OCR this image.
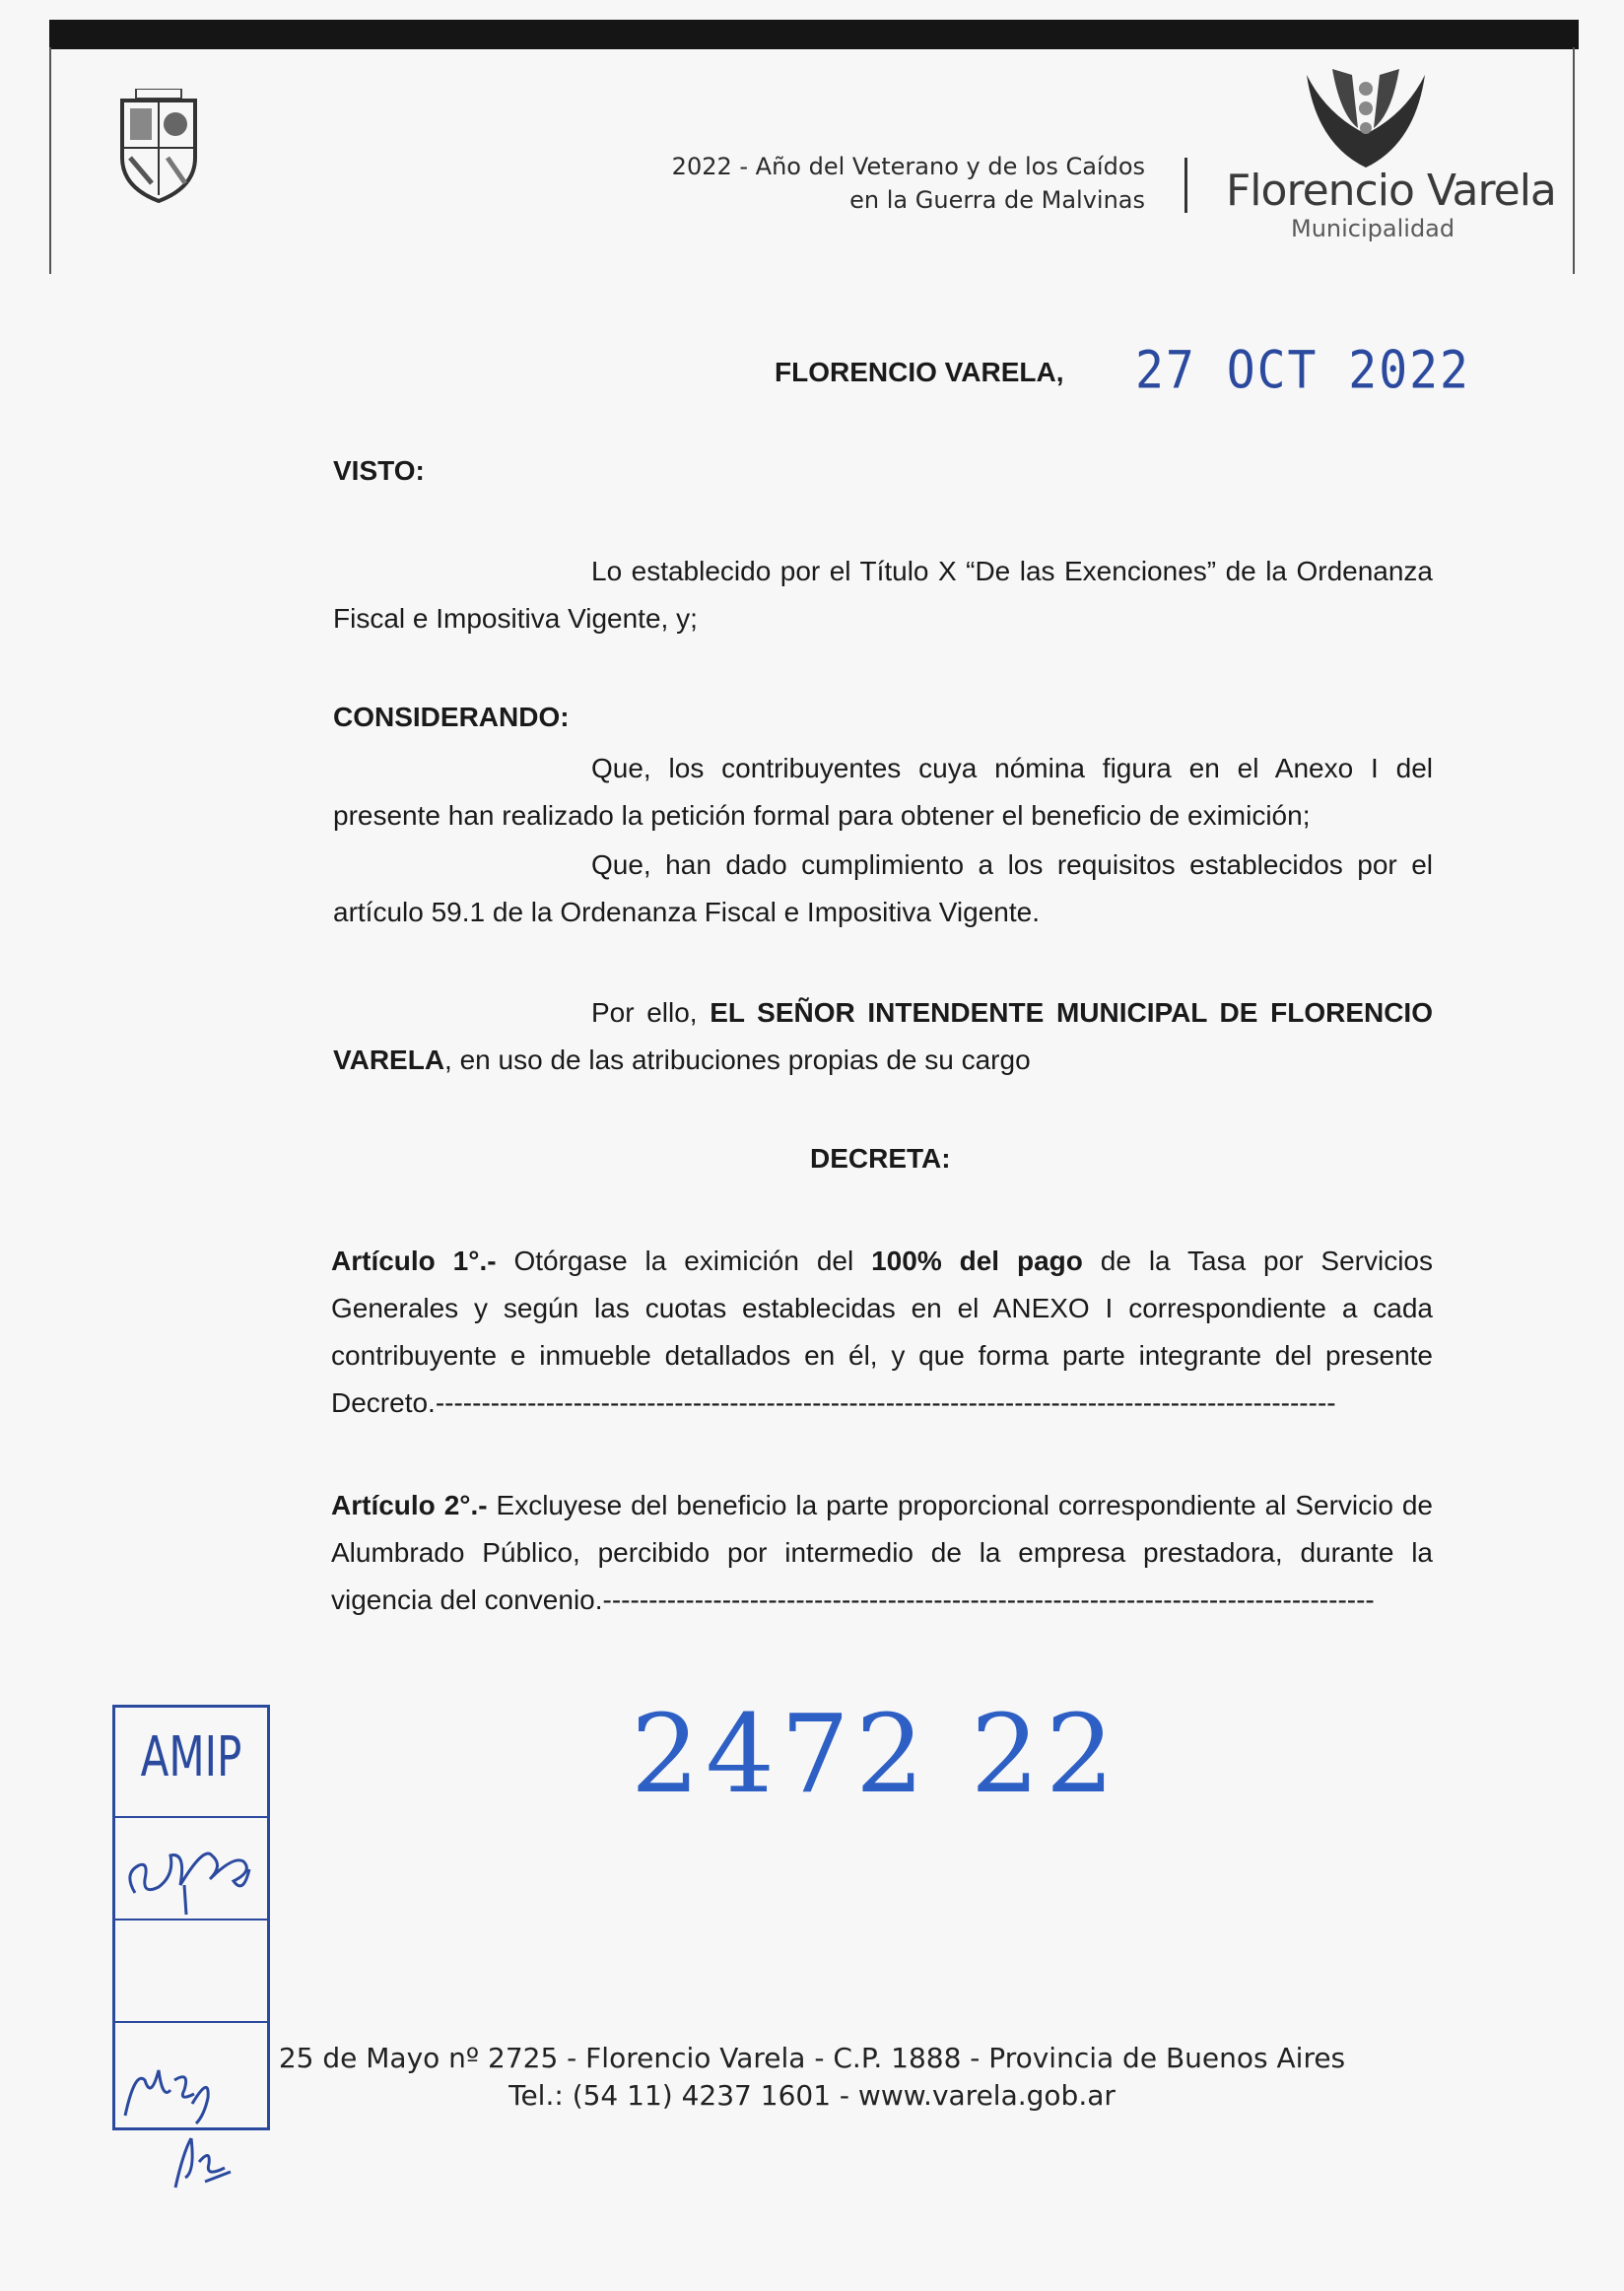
2022 - Año del Veterano y de los Caídos
en la Guerra de Malvinas Florencio Varela
Municipalidad
FLORENCIO VARELA, 27 OCT 2022
VISTO:
Lo establecido por el Título X “De las Exenciones” de la Ordenanza Fiscal e Impositiva Vigente, y;
CONSIDERANDO:
Que, los contribuyentes cuya nómina figura en el Anexo I del presente han realizado la petición formal para obtener el beneficio de eximición;
Que, han dado cumplimiento a los requisitos establecidos por el artículo 59.1 de la Ordenanza Fiscal e Impositiva Vigente.
Por ello, EL SEÑOR INTENDENTE MUNICIPAL DE FLORENCIO VARELA, en uso de las atribuciones propias de su cargo
DECRETA:
Artículo 1°.- Otórgase la eximición del 100% del pago de la Tasa por Servicios Generales y según las cuotas establecidas en el ANEXO I correspondiente a cada contribuyente e inmueble detallados en él, y que forma parte integrante del presente Decreto.--------------------------------------------------------------------------------------------------
Artículo 2°.- Excluyese del beneficio la parte proporcional correspondiente al Servicio de Alumbrado Público, percibido por intermedio de la empresa prestadora, durante la vigencia del convenio.------------------------------------------------------------------------------------
2472 22
AMIP
25 de Mayo nº 2725 - Florencio Varela - C.P. 1888 - Provincia de Buenos Aires
Tel.: (54 11) 4237 1601 - www.varela.gob.ar
